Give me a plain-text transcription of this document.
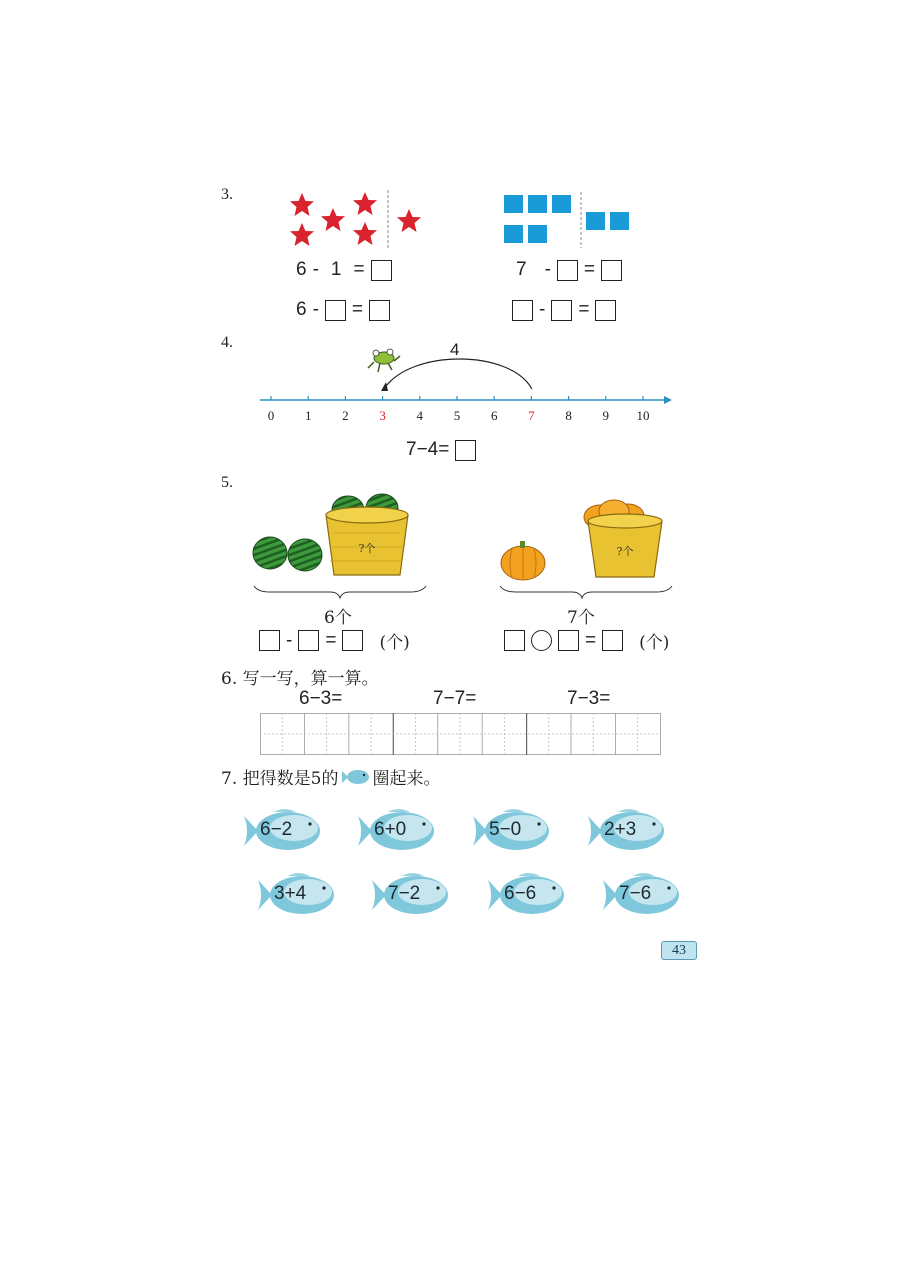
3.
6 - 1 =
6 - =
7 - =
- =
4.	4
0 1 2 3 4 5 6 7 8 9 10
7−4=
5.
?个
6个
- =	(个)
?个
7个
=	(个)
6. 写一写，算一算。
6−3=	7−7=	7−3=
7. 把得数是5的 圈起来。
6−2	6+0	5−0	2+3
3+4	7−2	6−6	7−6
43
